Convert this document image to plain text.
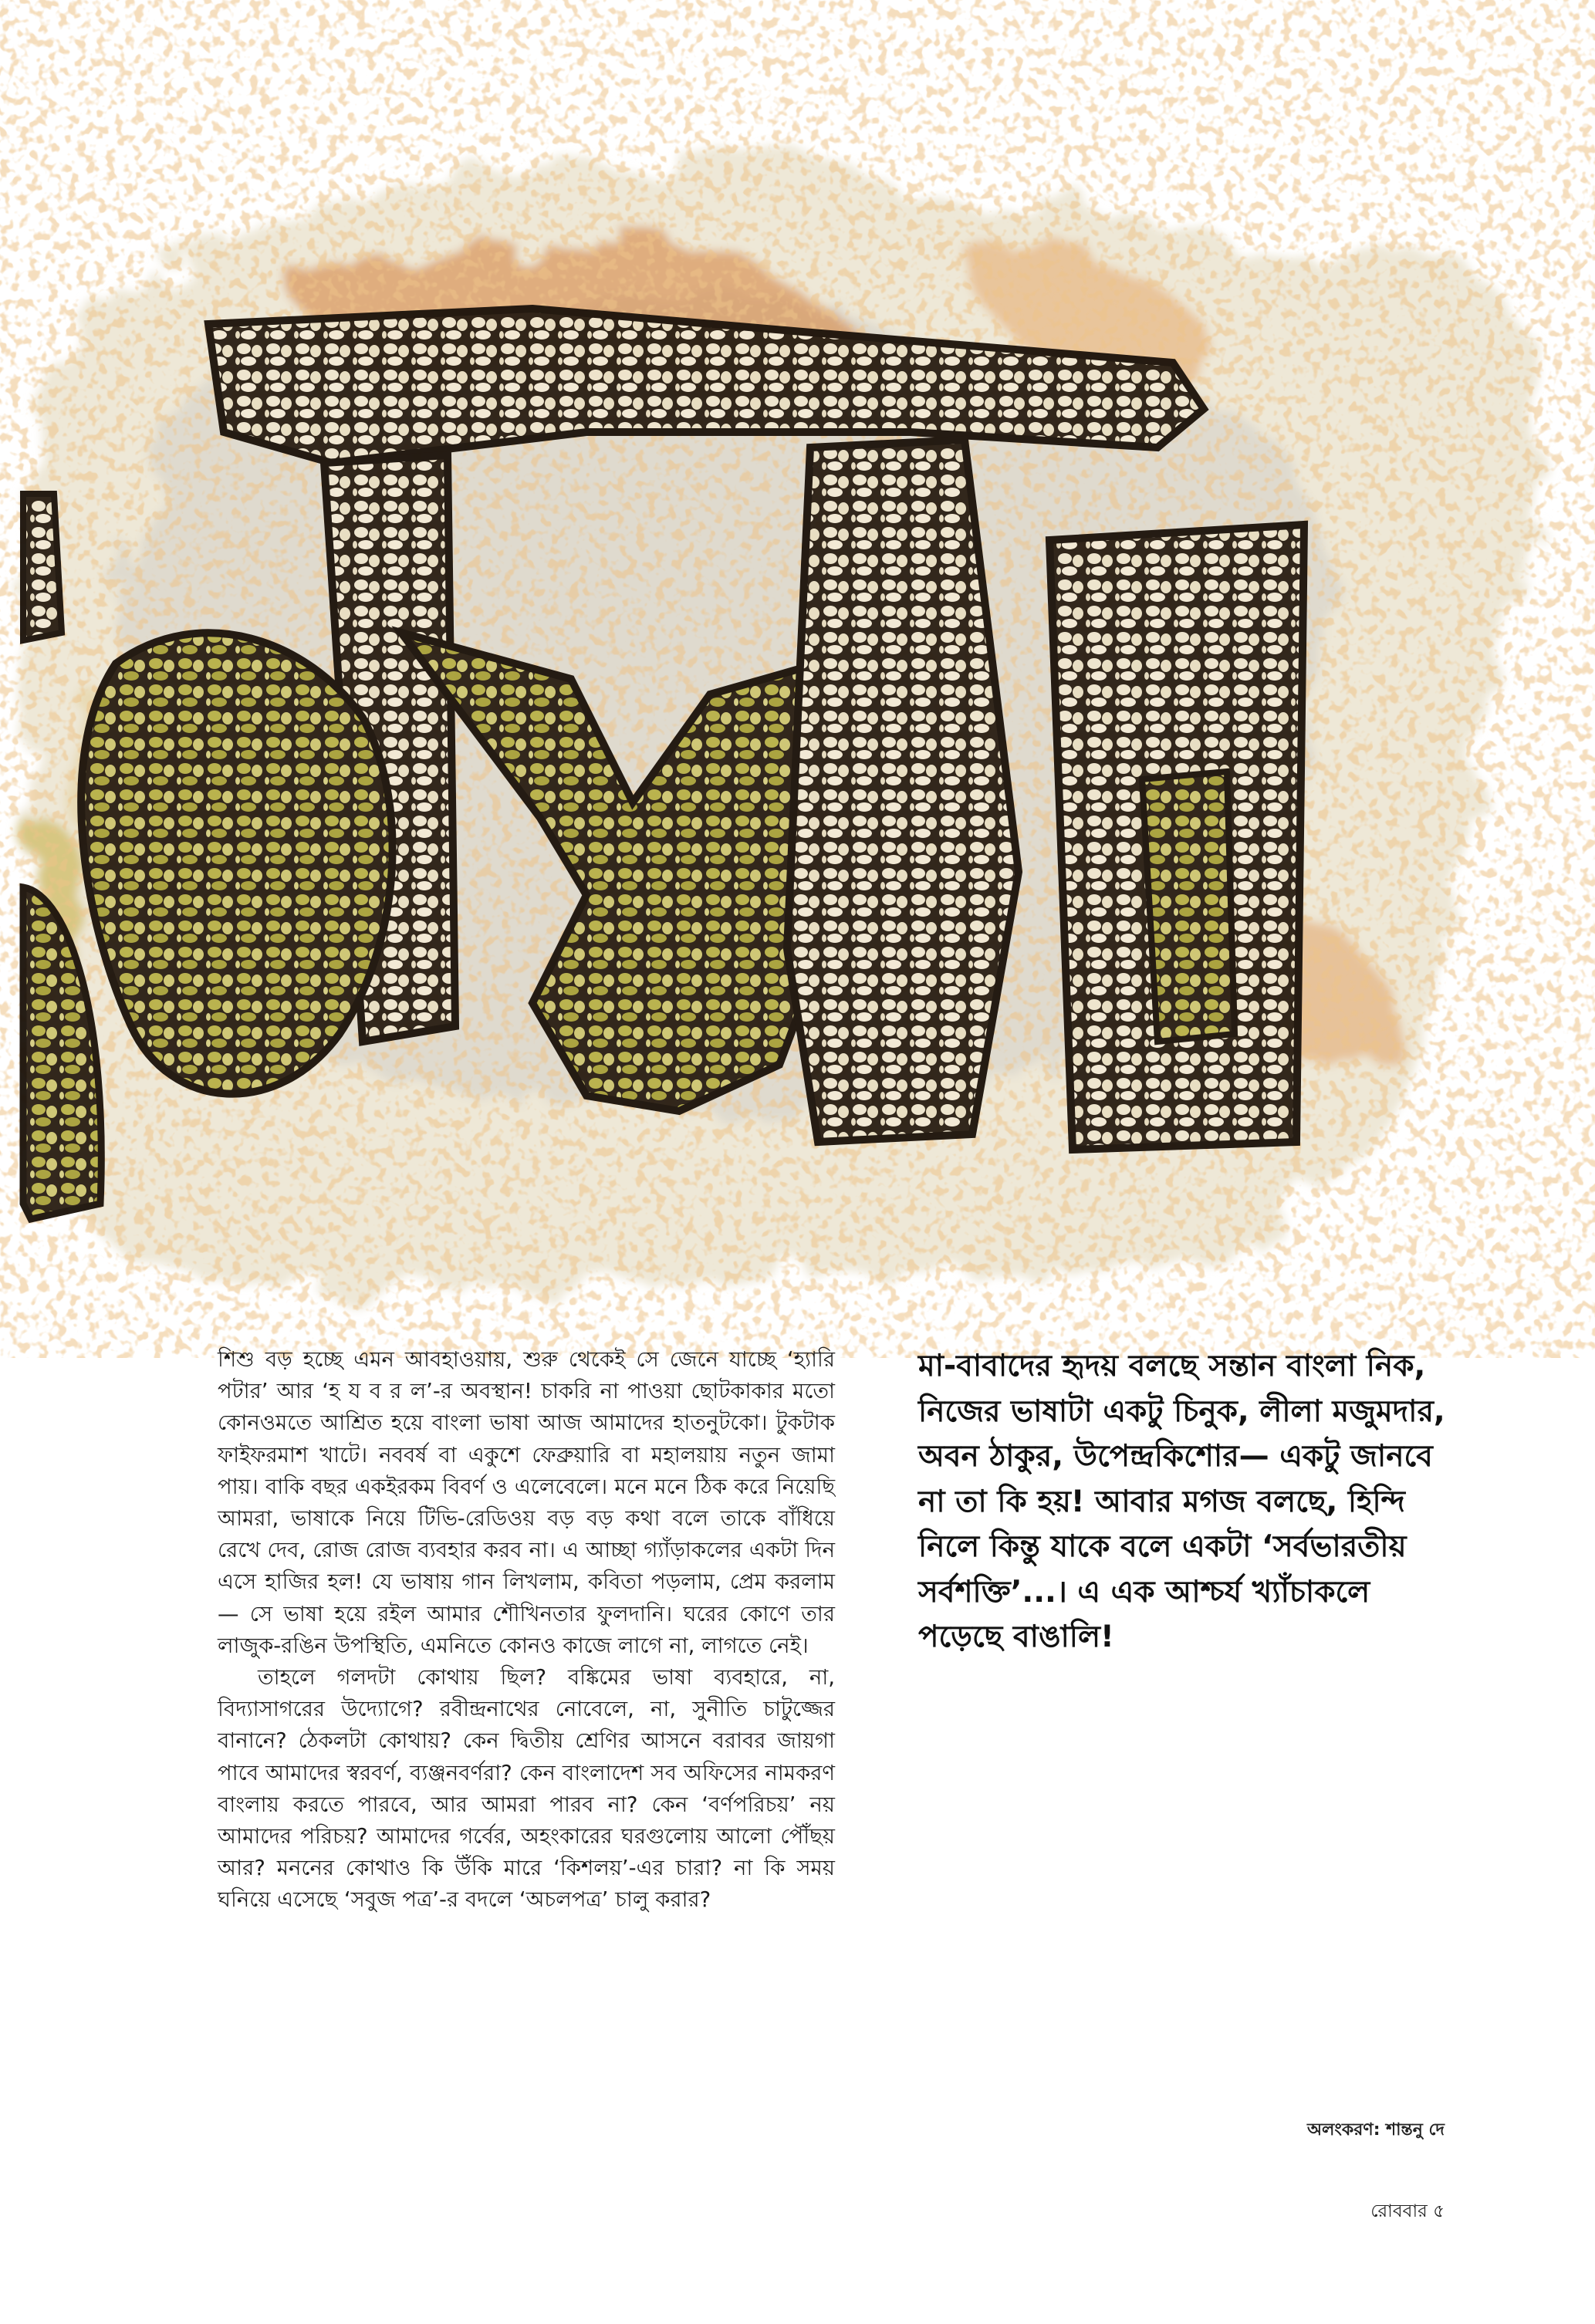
শিশু বড় হচ্ছে এমন আবহাওয়ায়, শুরু থেকেই সে জেনে যাচ্ছে ‘হ্যারি পটার’ আর ‘হ য ব র ল’-র অবস্থান! চাকরি না পাওয়া ছোটকাকার মতো কোনওমতে আশ্রিত হয়ে বাংলা ভাষা আজ আমাদের হাতনুটকো। টুকটাক ফাইফরমাশ খাটে। নববর্ষ বা একুশে ফেব্রুয়ারি বা মহালয়ায় নতুন জামা পায়। বাকি বছর একইরকম বিবর্ণ ও এলেবেলে। মনে মনে ঠিক করে নিয়েছি আমরা, ভাষাকে নিয়ে টিভি-রেডিওয় বড় বড় কথা বলে তাকে বাঁধিয়ে রেখে দেব, রোজ রোজ ব্যবহার করব না। এ আচ্ছা গ্যাঁড়াকলের একটা দিন এসে হাজির হল! যে ভাষায় গান লিখলাম, কবিতা পড়লাম, প্রেম করলাম— সে ভাষা হয়ে রইল আমার শৌখিনতার ফুলদানি। ঘরের কোণে তার লাজুক-রঙিন উপস্থিতি, এমনিতে কোনও কাজে লাগে না, লাগতে নেই।

তাহলে গলদটা কোথায় ছিল? বঙ্কিমের ভাষা ব্যবহারে, না, বিদ্যাসাগরের উদ্যোগে? রবীন্দ্রনাথের নোবেলে, না, সুনীতি চাটুজ্জের বানানে? ঠেকলটা কোথায়? কেন দ্বিতীয় শ্রেণির আসনে বরাবর জায়গা পাবে আমাদের স্বরবর্ণ, ব্যঞ্জনবর্ণরা? কেন বাংলাদেশ সব অফিসের নামকরণ বাংলায় করতে পারবে, আর আমরা পারব না? কেন ‘বর্ণপরিচয়’ নয় আমাদের পরিচয়? আমাদের গর্বের, অহংকারের ঘরগুলোয় আলো পৌঁছয় আর? মননের কোথাও কি উঁকি মারে ‘কিশলয়’-এর চারা? না কি সময় ঘনিয়ে এসেছে ‘সবুজ পত্র’-র বদলে ‘অচলপত্র’ চালু করার?

মা-বাবাদের হৃদয় বলছে সন্তান বাংলা নিক, নিজের ভাষাটা একটু চিনুক, লীলা মজুমদার, অবন ঠাকুর, উপেন্দ্রকিশোর— একটু জানবে না তা কি হয়! আবার মগজ বলছে, হিন্দি নিলে কিন্তু যাকে বলে একটা ‘সর্বভারতীয় সর্বশক্তি’...। এ এক আশ্চর্য খ্যাঁচাকলে পড়েছে বাঙালি!
অলংকরণ: শান্তনু দে
রোববার ৫
